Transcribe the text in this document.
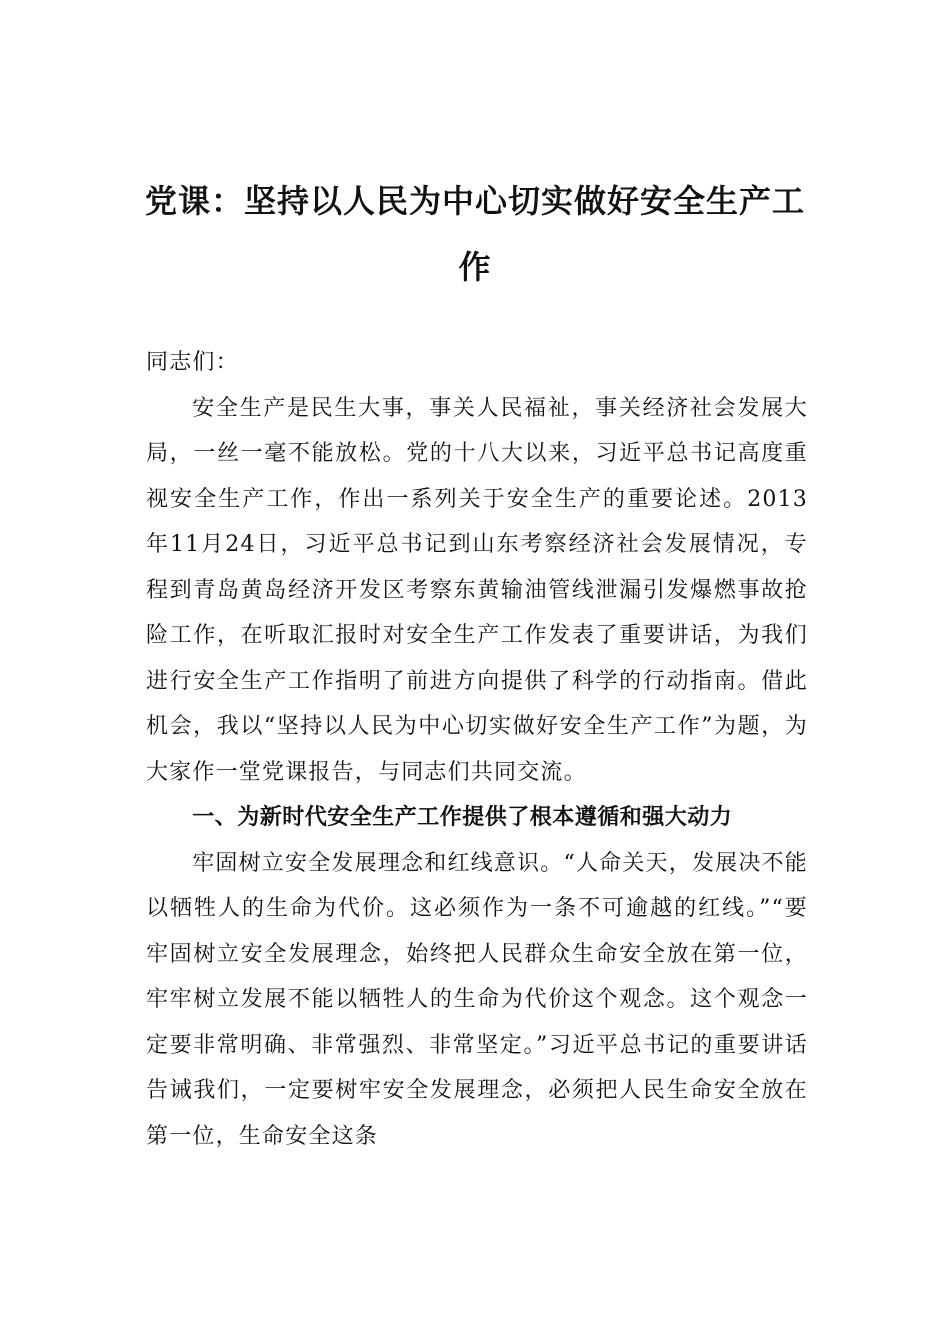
党课：坚持以人民为中心切实做好安全生产工作

同志们：

安全生产是民生大事，事关人民福祉，事关经济社会发展大局，一丝一毫不能放松。党的十八大以来，习近平总书记高度重视安全生产工作，作出一系列关于安全生产的重要论述。2013年11月24日，习近平总书记到山东考察经济社会发展情况，专程到青岛黄岛经济开发区考察东黄输油管线泄漏引发爆燃事故抢险工作，在听取汇报时对安全生产工作发表了重要讲话，为我们进行安全生产工作指明了前进方向提供了科学的行动指南。借此机会，我以“坚持以人民为中心切实做好安全生产工作”为题，为大家作一堂党课报告，与同志们共同交流。

一、为新时代安全生产工作提供了根本遵循和强大动力

牢固树立安全发展理念和红线意识。“人命关天，发展决不能以牺牲人的生命为代价。这必须作为一条不可逾越的红线。”“要牢固树立安全发展理念，始终把人民群众生命安全放在第一位，牢牢树立发展不能以牺牲人的生命为代价这个观念。这个观念一定要非常明确、非常强烈、非常坚定。”习近平总书记的重要讲话告诫我们，一定要树牢安全发展理念，必须把人民生命安全放在第一位，生命安全这条
